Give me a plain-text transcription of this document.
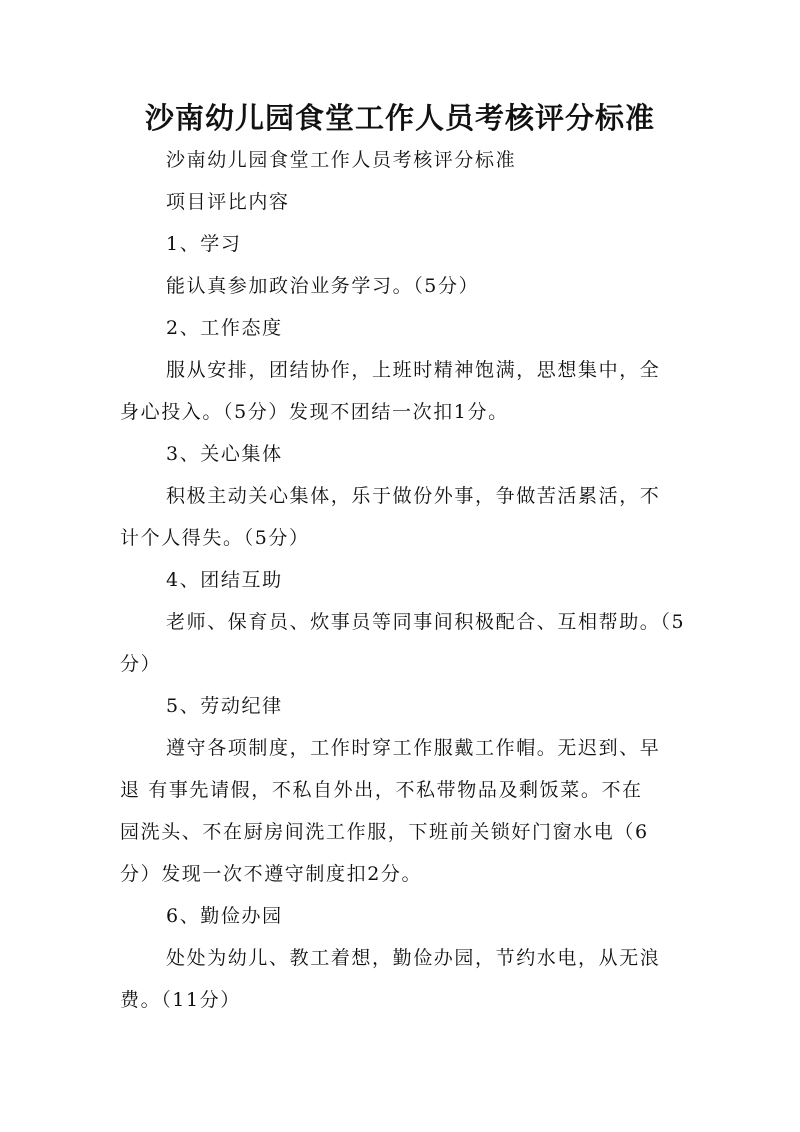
沙南幼儿园食堂工作人员考核评分标准
沙南幼儿园食堂工作人员考核评分标准
项目评比内容
1、学习
能认真参加政治业务学习。（5分）
2、工作态度
服从安排，团结协作，上班时精神饱满，思想集中，全
身心投入。（5分）发现不团结一次扣1分。
3、关心集体
积极主动关心集体，乐于做份外事，争做苦活累活，不
计个人得失。（5分）
4、团结互助
老师、保育员、炊事员等同事间积极配合、互相帮助。（5
分）
5、劳动纪律
遵守各项制度，工作时穿工作服戴工作帽。无迟到、早
退 有事先请假，不私自外出，不私带物品及剩饭菜。不在
园洗头、不在厨房间洗工作服，下班前关锁好门窗水电（6
分）发现一次不遵守制度扣2分。
6、勤俭办园
处处为幼儿、教工着想，勤俭办园，节约水电，从无浪
费。（11分）
